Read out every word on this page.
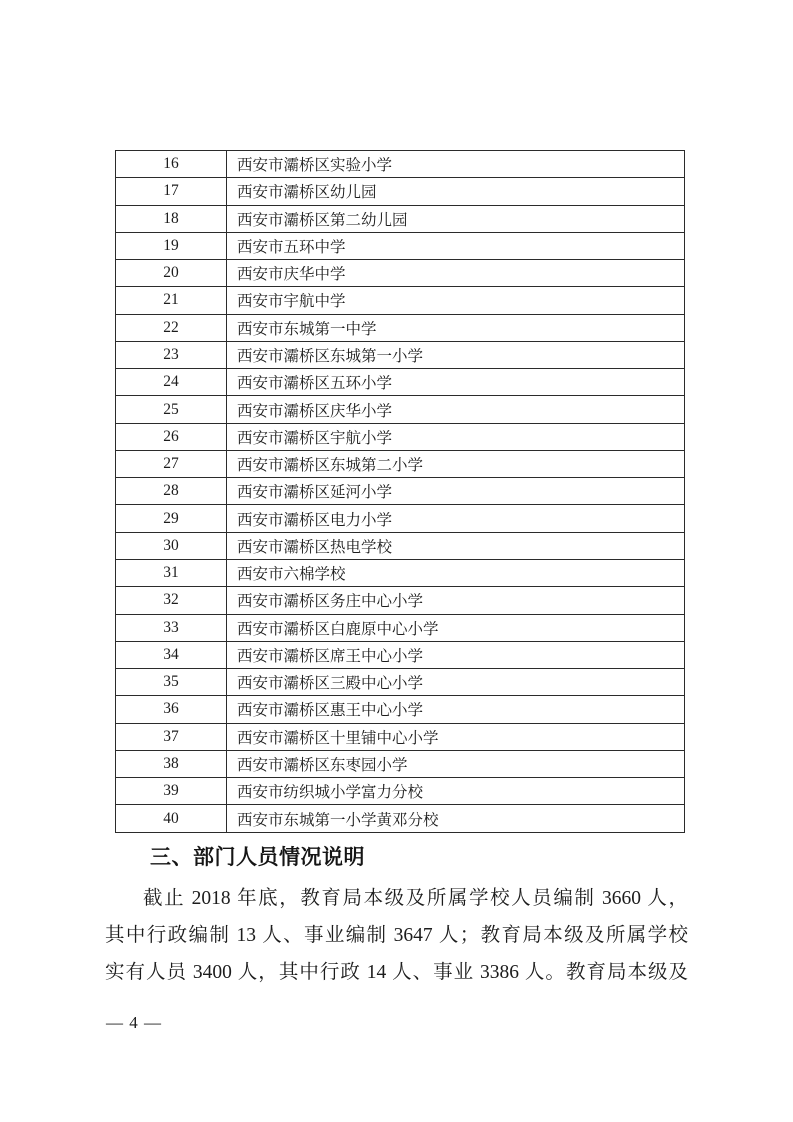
16	西安市灞桥区实验小学
17	西安市灞桥区幼儿园
18	西安市灞桥区第二幼儿园
19	西安市五环中学
20	西安市庆华中学
21	西安市宇航中学
22	西安市东城第一中学
23	西安市灞桥区东城第一小学
24	西安市灞桥区五环小学
25	西安市灞桥区庆华小学
26	西安市灞桥区宇航小学
27	西安市灞桥区东城第二小学
28	西安市灞桥区延河小学
29	西安市灞桥区电力小学
30	西安市灞桥区热电学校
31	西安市六棉学校
32	西安市灞桥区务庄中心小学
33	西安市灞桥区白鹿原中心小学
34	西安市灞桥区席王中心小学
35	西安市灞桥区三殿中心小学
36	西安市灞桥区惠王中心小学
37	西安市灞桥区十里铺中心小学
38	西安市灞桥区东枣园小学
39	西安市纺织城小学富力分校
40	西安市东城第一小学黄邓分校
三、部门人员情况说明
截止 2018 年底，教育局本级及所属学校人员编制 3660 人，
其中行政编制 13 人、事业编制 3647 人；教育局本级及所属学校
实有人员 3400 人，其中行政 14 人、事业 3386 人。教育局本级及
— 4 —
